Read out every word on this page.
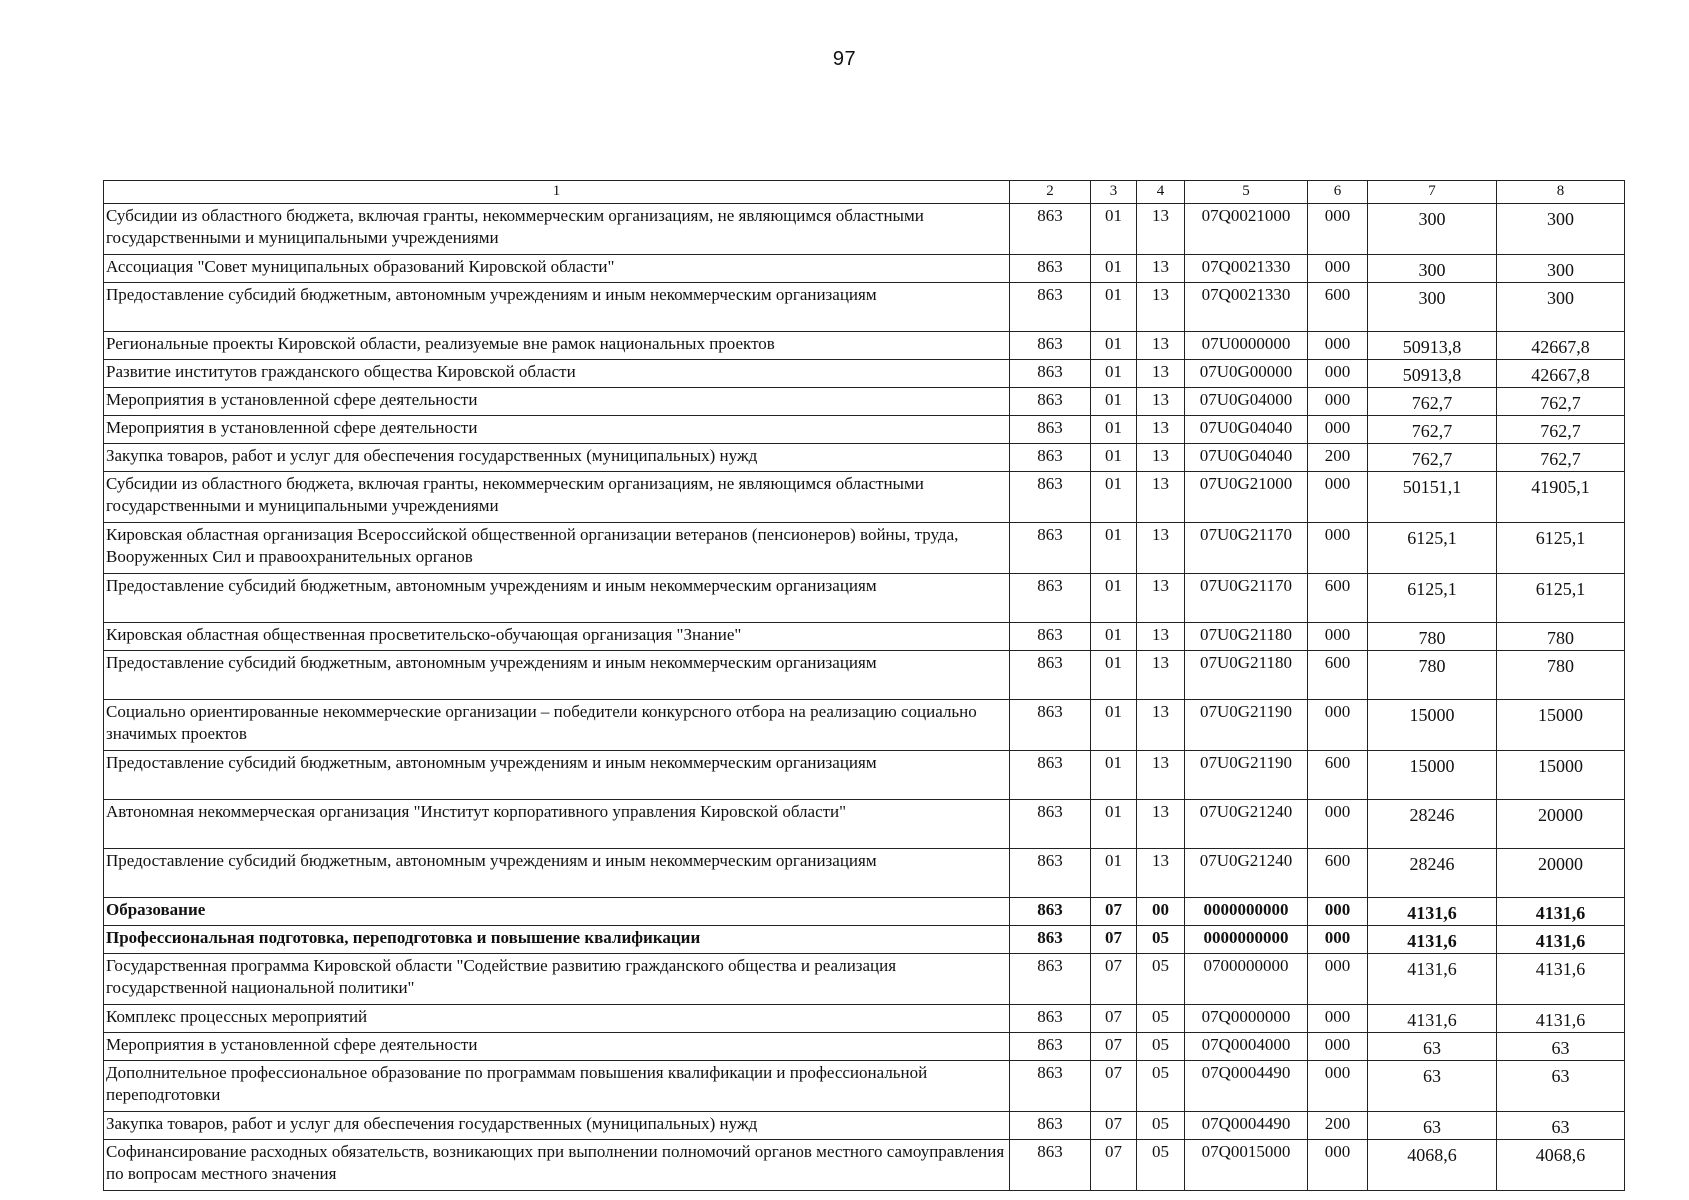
97
1	2	3	4	5	6	7	8
Субсидии из областного бюджета, включая гранты, некоммерческим организациям, не являющимся областными государственными и муниципальными учреждениями	863	01	13	07Q0021000	000	300	300
Ассоциация "Совет муниципальных образований Кировской области"	863	01	13	07Q0021330	000	300	300
Предоставление субсидий бюджетным, автономным учреждениям и иным некоммерческим организациям	863	01	13	07Q0021330	600	300	300
Региональные проекты Кировской области, реализуемые вне рамок национальных проектов	863	01	13	07U0000000	000	50913,8	42667,8
Развитие институтов гражданского общества Кировской области	863	01	13	07U0G00000	000	50913,8	42667,8
Мероприятия в установленной сфере деятельности	863	01	13	07U0G04000	000	762,7	762,7
Мероприятия в установленной сфере деятельности	863	01	13	07U0G04040	000	762,7	762,7
Закупка товаров, работ и услуг для обеспечения государственных (муниципальных) нужд	863	01	13	07U0G04040	200	762,7	762,7
Субсидии из областного бюджета, включая гранты, некоммерческим организациям, не являющимся областными государственными и муниципальными учреждениями	863	01	13	07U0G21000	000	50151,1	41905,1
Кировская областная организация Всероссийской общественной организации ветеранов (пенсионеров) войны, труда, Вооруженных Сил и правоохранительных органов	863	01	13	07U0G21170	000	6125,1	6125,1
Предоставление субсидий бюджетным, автономным учреждениям и иным некоммерческим организациям	863	01	13	07U0G21170	600	6125,1	6125,1
Кировская областная общественная просветительско-обучающая организация "Знание"	863	01	13	07U0G21180	000	780	780
Предоставление субсидий бюджетным, автономным учреждениям и иным некоммерческим организациям	863	01	13	07U0G21180	600	780	780
Социально ориентированные некоммерческие организации – победители конкурсного отбора на реализацию социально значимых проектов	863	01	13	07U0G21190	000	15000	15000
Предоставление субсидий бюджетным, автономным учреждениям и иным некоммерческим организациям	863	01	13	07U0G21190	600	15000	15000
Автономная некоммерческая организация "Институт корпоративного управления Кировской области"	863	01	13	07U0G21240	000	28246	20000
Предоставление субсидий бюджетным, автономным учреждениям и иным некоммерческим организациям	863	01	13	07U0G21240	600	28246	20000
Образование	863	07	00	0000000000	000	4131,6	4131,6
Профессиональная подготовка, переподготовка и повышение квалификации	863	07	05	0000000000	000	4131,6	4131,6
Государственная программа Кировской области "Содействие развитию гражданского общества и реализация государственной национальной политики"	863	07	05	0700000000	000	4131,6	4131,6
Комплекс процессных мероприятий	863	07	05	07Q0000000	000	4131,6	4131,6
Мероприятия в установленной сфере деятельности	863	07	05	07Q0004000	000	63	63
Дополнительное профессиональное образование по программам повышения квалификации и профессиональной переподготовки	863	07	05	07Q0004490	000	63	63
Закупка товаров, работ и услуг для обеспечения государственных (муниципальных) нужд	863	07	05	07Q0004490	200	63	63
Софинансирование расходных обязательств, возникающих при выполнении полномочий органов местного самоуправления по вопросам местного значения	863	07	05	07Q0015000	000	4068,6	4068,6
